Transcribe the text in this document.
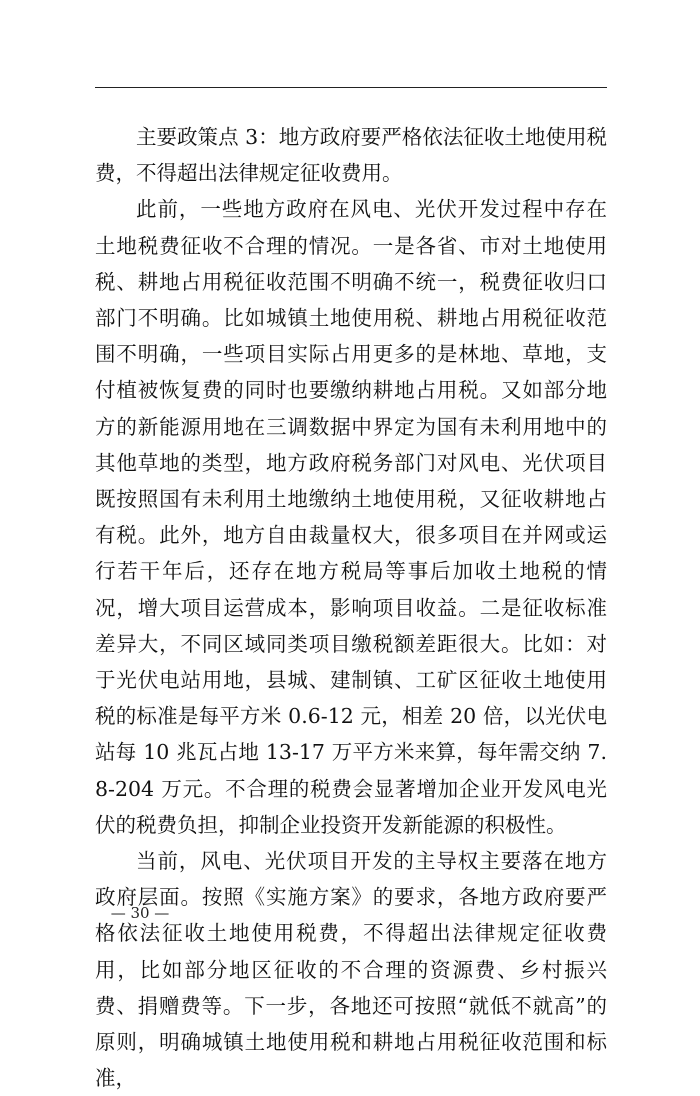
主要政策点 3：地方政府要严格依法征收土地使用税费，不得超出法律规定征收费用。

此前，一些地方政府在风电、光伏开发过程中存在土地税费征收不合理的情况。一是各省、市对土地使用税、耕地占用税征收范围不明确不统一，税费征收归口部门不明确。比如城镇土地使用税、耕地占用税征收范围不明确，一些项目实际占用更多的是林地、草地，支付植被恢复费的同时也要缴纳耕地占用税。又如部分地方的新能源用地在三调数据中界定为国有未利用地中的其他草地的类型，地方政府税务部门对风电、光伏项目既按照国有未利用土地缴纳土地使用税，又征收耕地占有税。此外，地方自由裁量权大，很多项目在并网或运行若干年后，还存在地方税局等事后加收土地税的情况，增大项目运营成本，影响项目收益。二是征收标准差异大，不同区域同类项目缴税额差距很大。比如：对于光伏电站用地，县城、建制镇、工矿区征收土地使用税的标准是每平方米 0.6-12 元，相差 20 倍，以光伏电站每 10 兆瓦占地 13-17 万平方米来算，每年需交纳 7.8-204 万元。不合理的税费会显著增加企业开发风电光伏的税费负担，抑制企业投资开发新能源的积极性。

当前，风电、光伏项目开发的主导权主要落在地方政府层面。按照《实施方案》的要求，各地方政府要严格依法征收土地使用税费，不得超出法律规定征收费用，比如部分地区征收的不合理的资源费、乡村振兴费、捐赠费等。下一步，各地还可按照“就低不就高”的原则，明确城镇土地使用税和耕地占用税征收范围和标准，

— 30 —
